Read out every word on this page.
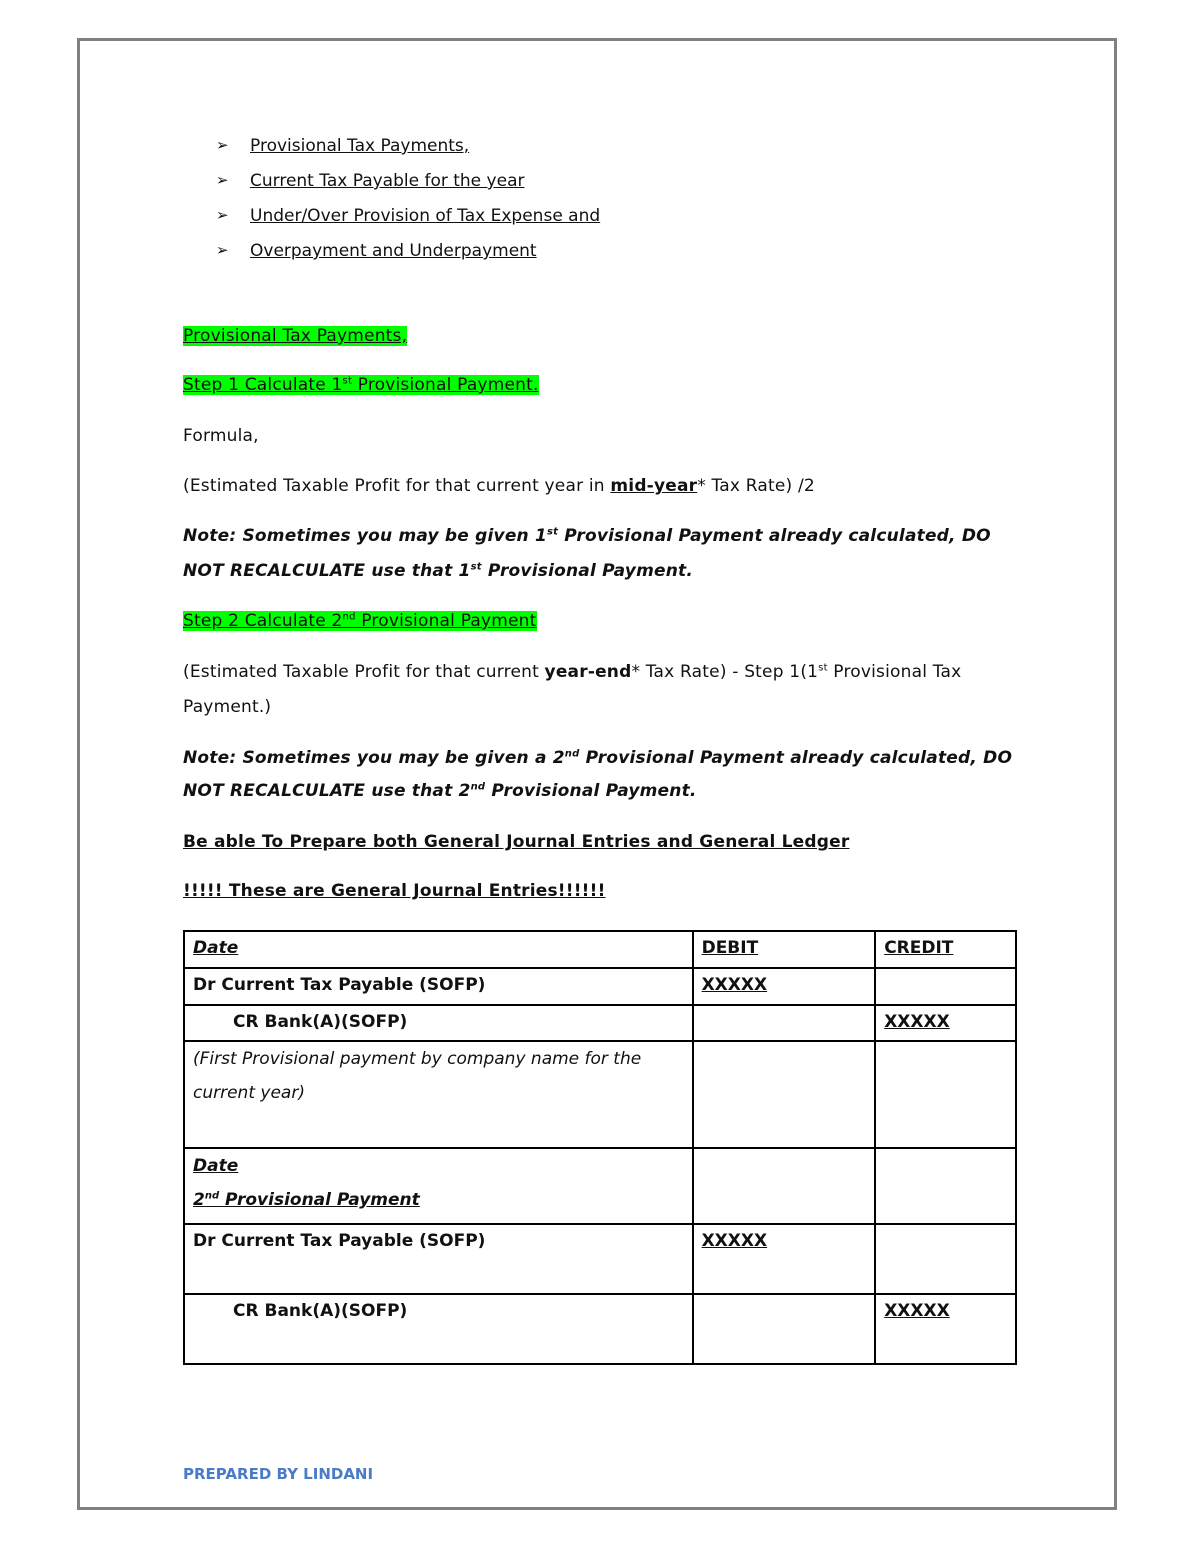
➢ Provisional Tax Payments,
➢ Current Tax Payable for the year
➢ Under/Over Provision of Tax Expense and
➢ Overpayment and Underpayment
Provisional Tax Payments,
Step 1 Calculate 1st Provisional Payment.
Formula,
(Estimated Taxable Profit for that current year in mid-year* Tax Rate) /2
Note: Sometimes you may be given 1st Provisional Payment already calculated, DO
NOT RECALCULATE use that 1st Provisional Payment.
Step 2 Calculate 2nd Provisional Payment
(Estimated Taxable Profit for that current year-end* Tax Rate) - Step 1(1st Provisional Tax
Payment.)
Note: Sometimes you may be given a 2nd Provisional Payment already calculated, DO
NOT RECALCULATE use that 2nd Provisional Payment.
Be able To Prepare both General Journal Entries and General Ledger
!!!!! These are General Journal Entries!!!!!!
Date	DEBIT	CREDIT
Dr Current Tax Payable (SOFP)	XXXXX	
CR Bank(A)(SOFP)		XXXXX
(First Provisional payment by company name for the current year)		
Date
2nd Provisional Payment		
Dr Current Tax Payable (SOFP)	XXXXX	
CR Bank(A)(SOFP)		XXXXX
PREPARED BY LINDANI
